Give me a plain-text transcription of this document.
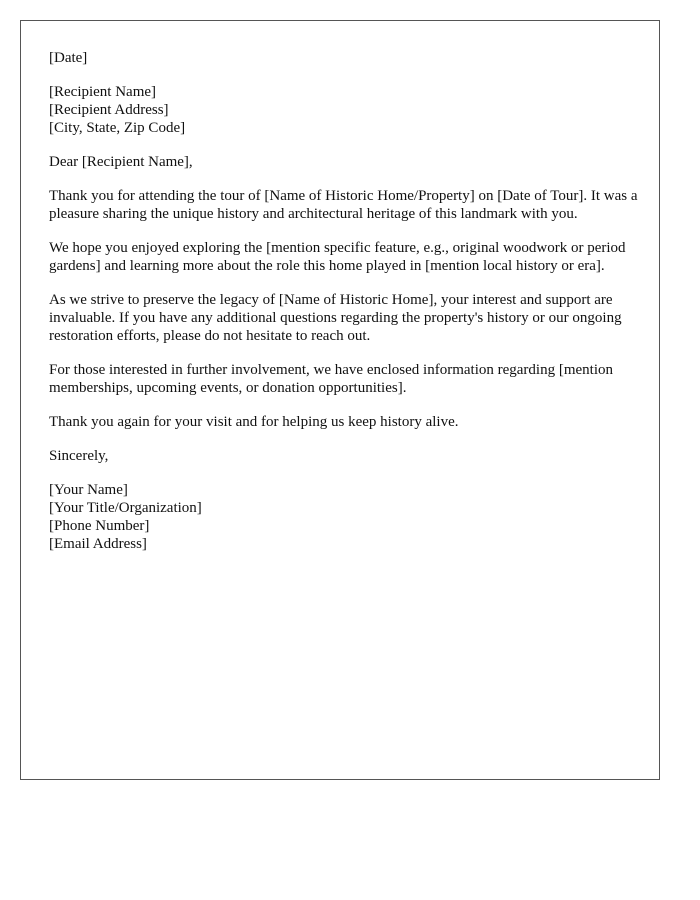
[Date]
[Recipient Name]
[Recipient Address]
[City, State, Zip Code]
Dear [Recipient Name],

Thank you for attending the tour of [Name of Historic Home/Property] on [Date of Tour]. It was a pleasure sharing the unique history and architectural heritage of this landmark with you.

We hope you enjoyed exploring the [mention specific feature, e.g., original woodwork or period gardens] and learning more about the role this home played in [mention local history or era].

As we strive to preserve the legacy of [Name of Historic Home], your interest and support are invaluable. If you have any additional questions regarding the property's history or our ongoing restoration efforts, please do not hesitate to reach out.

For those interested in further involvement, we have enclosed information regarding [mention memberships, upcoming events, or donation opportunities].

Thank you again for your visit and for helping us keep history alive.

Sincerely,
[Your Name]
[Your Title/Organization]
[Phone Number]
[Email Address]
